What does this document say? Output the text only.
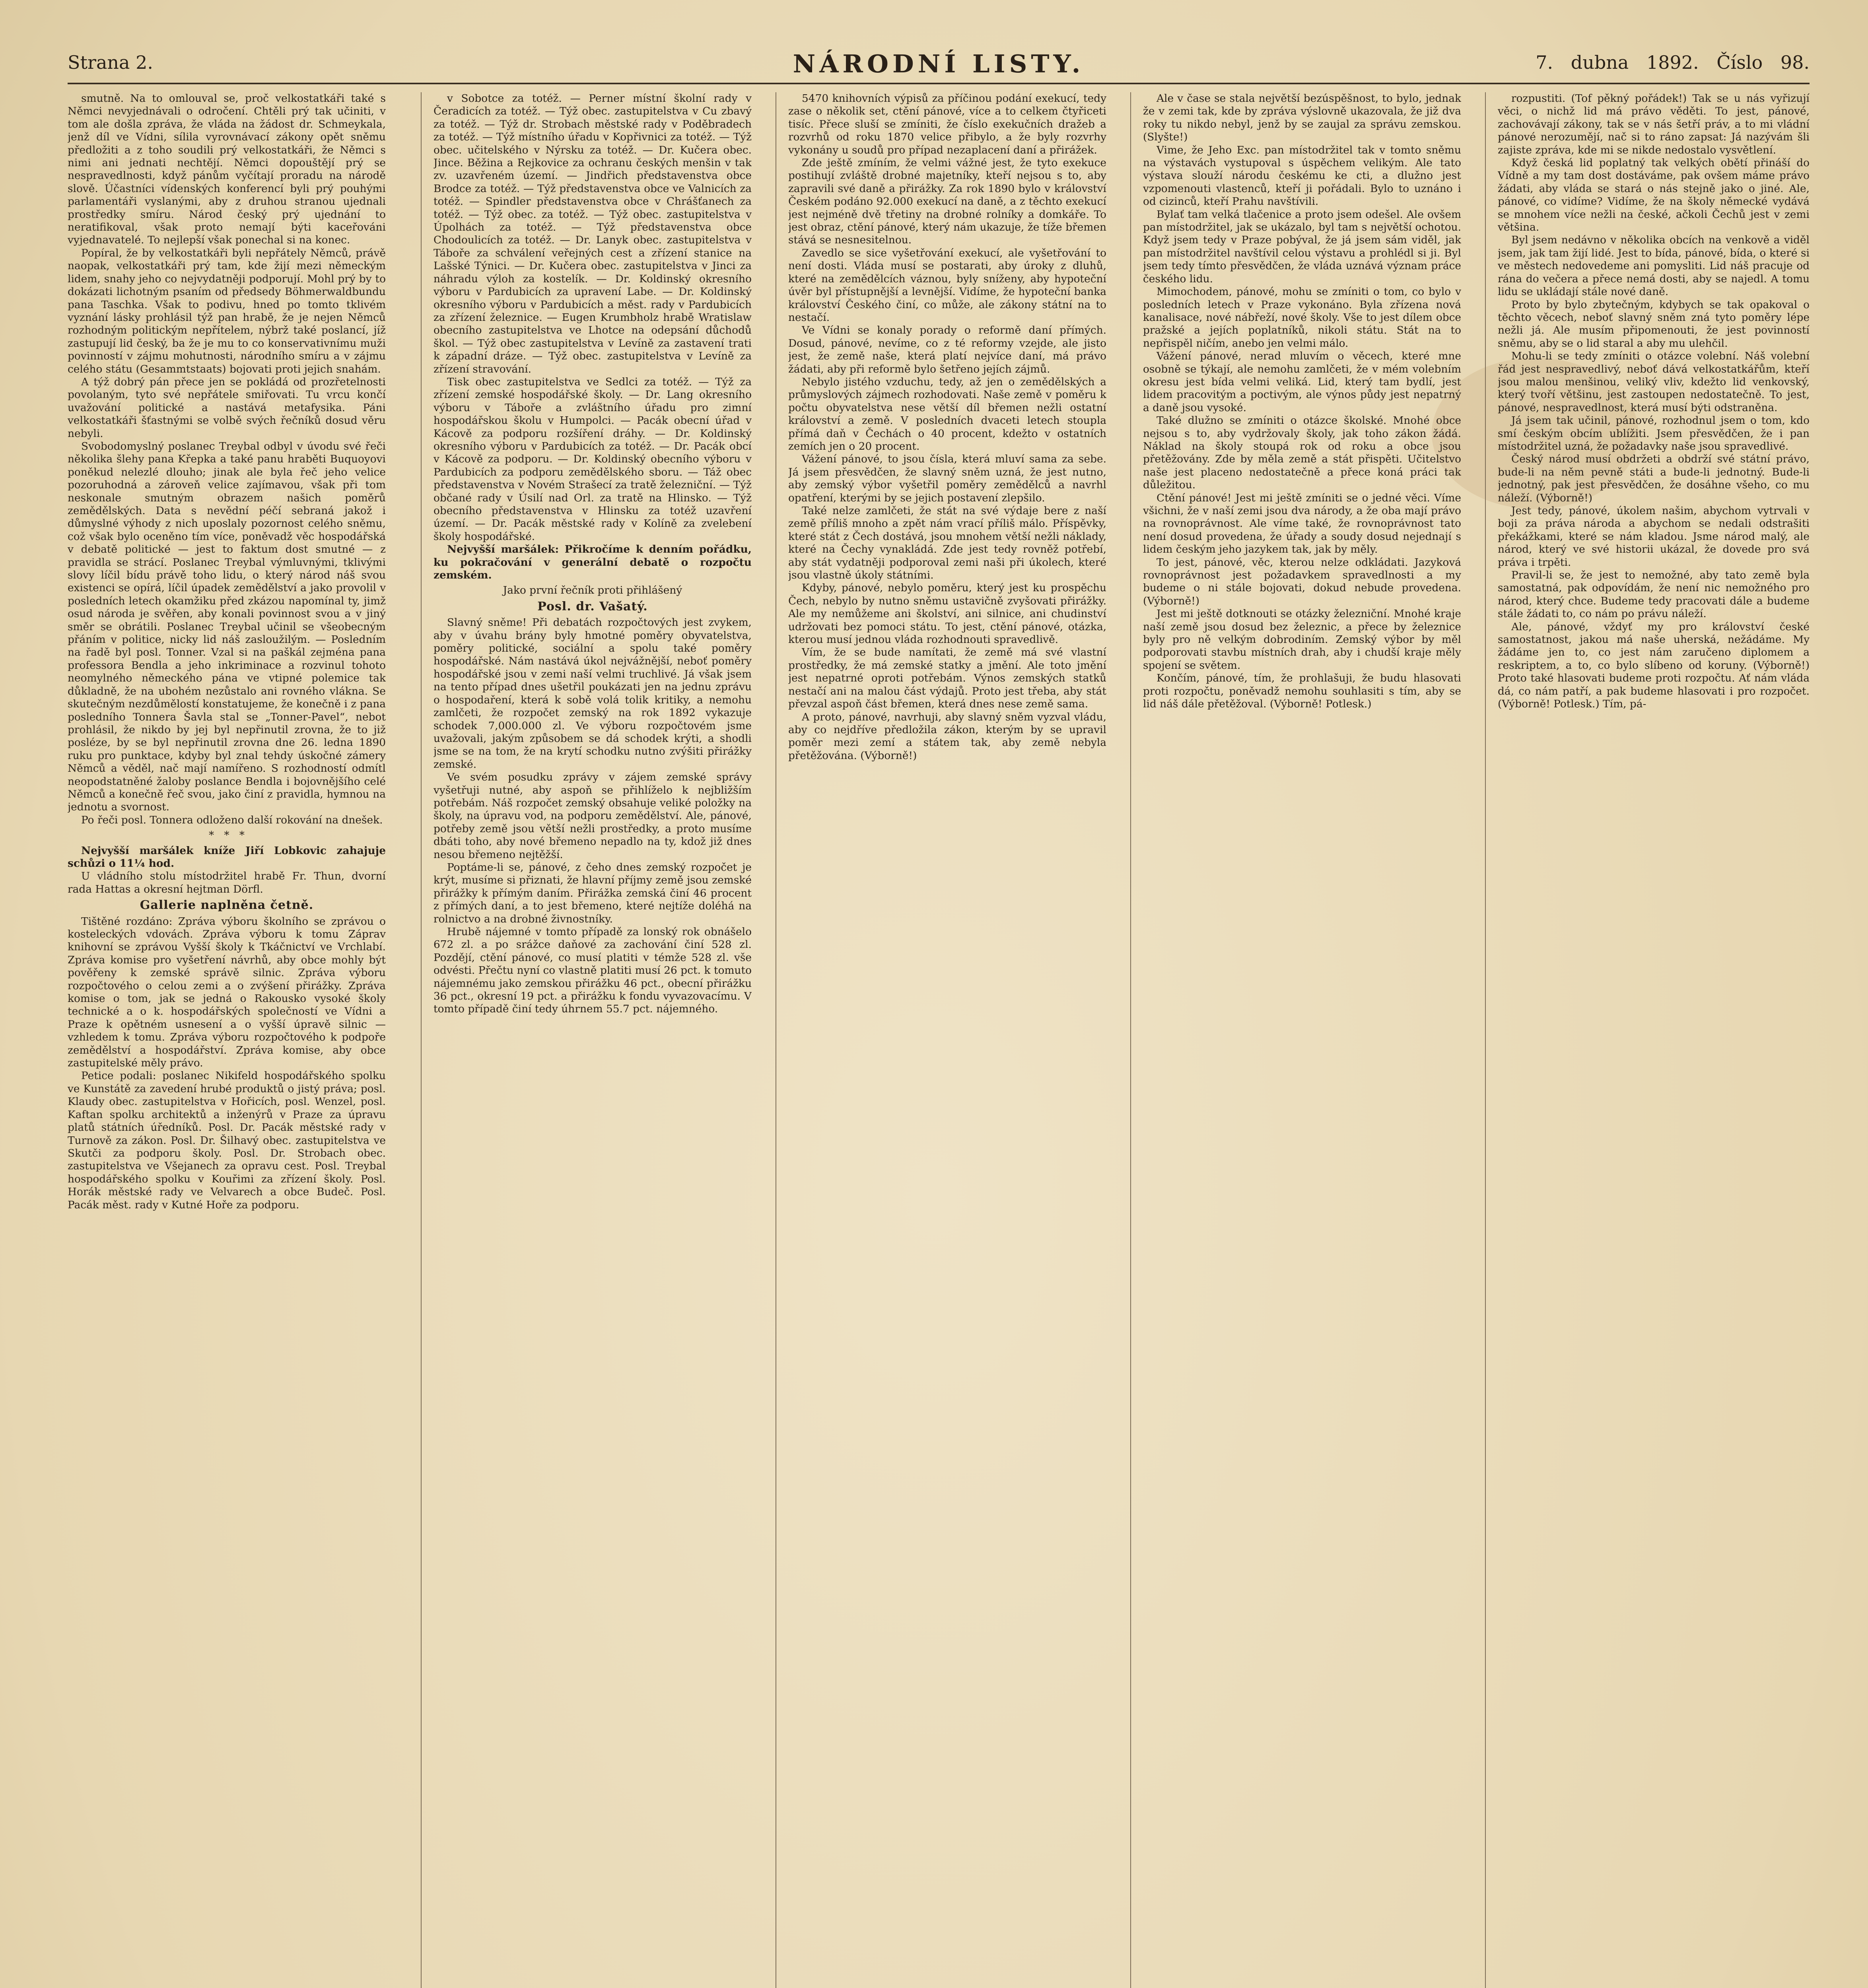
Strana 2.	NÁRODNÍ LISTY.	7. dubna 1892. Číslo 98.

smutně. Na to omlouval se, proč velkostatkáři také s Němci nevyjednávali o odročení. Chtěli prý tak učiniti, v tom ale došla zpráva, že vláda na žádost dr. Schmeykala, jenž díl ve Vídni, sílila vyrovnávací zákony opět sněmu předložiti a z toho soudili prý velkostatkáři, že Němci s nimi ani jednati nechtějí. Němci dopouštějí prý se nespravedlnosti, když pánům vyčítají proradu na národě slově. Účastníci vídenských konferencí byli prý pouhými parlamentáři vyslanými, aby z druhou stranou ujednali prostředky smíru. Národ český prý ujednání to neratifikoval, však proto nemají býti kaceřováni vyjednavatelé. To nejlepší však ponechal si na konec.

Popíral, že by velkostatkáři byli nepřátely Němců, právě naopak, velkostatkáři prý tam, kde žijí mezi německým lidem, snahy jeho co nejvydatněji podporují. Mohl prý by to dokázati lichotným psaním od předsedy Böhmerwaldbundu pana Taschka. Však to podivu, hned po tomto tklivém vyznání lásky prohlásil týž pan hrabě, že je nejen Němců rozhodným politickým nepřítelem, nýbrž také poslancí, jíž zastupují lid český, ba že je mu to co konservativnímu muži povinností v zájmu mohutnosti, národního smíru a v zájmu celého státu (Gesammtstaats) bojovati proti jejich snahám.

A týž dobrý pán přece jen se pokládá od prozřetelnosti povolaným, tyto své nepřátele smiřovati. Tu vrcu končí uvažování politické a nastává metafysika. Páni velkostatkáři šťastnými se volbě svých řečníků dosud věru nebyli.

Svobodomyslný poslanec Treybal odbyl v úvodu své řeči několika šlehy pana Křepka a také panu hraběti Buquoyovi poněkud nelezlé dlouho; jinak ale byla řeč jeho velice pozoruhodná a zároveň velice zajímavou, však při tom neskonale smutným obrazem našich poměrů zemědělských. Data s nevědní péčí sebraná jakož i důmyslné výhody z nich uposlaly pozornost celého sněmu, což však bylo oceněno tím více, poněvadž věc hospodářská v debatě politické — jest to faktum dost smutné — z pravidla se strácí. Poslanec Treybal výmluvnými, tklivými slovy líčil bídu právě toho lidu, o který národ náš svou existenci se opírá, líčil úpadek zemědělství a jako provolil v posledních letech okamžiku před zkázou napomínal ty, jimž osud národa je svěřen, aby konali povinnost svou a v jiný směr se obrátili. Poslanec Treybal učinil se všeobecným přáním v politice, nicky lid náš zasloužilým. — Posledním na řadě byl posl. Tonner. Vzal si na paškál zejména pana professora Bendla a jeho inkriminace a rozvinul tohoto neomylného německého pána ve vtipné polemice tak důkladně, že na ubohém nezůstalo ani rovného vlákna. Se skutečným nezdůmělostí konstatujeme, že konečně i z pana posledního Tonnera Šavla stal se „Tonner-Pavel“, nebot prohlásil, že nikdo by jej byl nepřinutil zrovna, že to již posléze, by se byl nepřinutil zrovna dne 26. ledna 1890 ruku pro punktace, kdyby byl znal tehdy úskočné zámery Němců a věděl, nač mají namířeno. S rozhodností odmítl neopodstatněné žaloby poslance Bendla i bojovnějšího celé Němců a konečně řeč svou, jako činí z pravidla, hymnou na jednotu a svornost.

Po řeči posl. Tonnera odloženo další rokování na dnešek.

*   *   *

Nejvyšší maršálek kníže Jiří Lobkovic zahajuje schůzi o 11¼ hod.

U vládního stolu místodržitel hrabě Fr. Thun, dvorní rada Hattas a okresní hejtman Dörfl.

Gallerie naplněna četně.

Tištěné rozdáno: Zpráva výboru školního se zprávou o kosteleckých vdovách. Zpráva výboru k tomu Záprav knihovní se zprávou Vyšší školy k Tkáčnictví ve Vrchlabí. Zpráva komise pro vyšetření návrhů, aby obce mohly být pověřeny k zemské správě silnic. Zpráva výboru rozpočtového o celou zemi a o zvýšení přirážky. Zpráva komise o tom, jak se jedná o Rakousko vysoké školy technické a o k. hospodářských společností ve Vídni a Praze k opětném usnesení a o vyšší úpravě silnic — vzhledem k tomu. Zpráva výboru rozpočtového k podpoře zemědělství a hospodářství. Zpráva komise, aby obce zastupitelské měly právo.

Petice podali: poslanec Nikifeld hospodářského spolku ve Kunstátě za zavedení hrubé produktů o jistý práva; posl. Klaudy obec. zastupitelstva v Hořicích, posl. Wenzel, posl. Kaftan spolku architektů a inženýrů v Praze za úpravu platů státních úředníků. Posl. Dr. Pacák městské rady v Turnově za zákon. Posl. Dr. Šilhavý obec. zastupitelstva ve Skutči za podporu školy. Posl. Dr. Strobach obec. zastupitelstva ve Všejanech za opravu cest. Posl. Treybal hospodářského spolku v Kouřimi za zřízení školy. Posl. Horák městské rady ve Velvarech a obce Budeč. Posl. Pacák měst. rady v Kutné Hoře za podporu.

v Sobotce za totéž. — Perner místní školní rady v Čeradicích za totéž. — Týž obec. zastupitelstva v Cu zbavý za totéž. — Týž dr. Strobach městské rady v Poděbradech za totéž. — Týž místního úřadu v Kopřivnici za totéž. — Týž obec. učitelského v Nýrsku za totéž. — Dr. Kučera obec. Jince. Běžina a Rejkovice za ochranu českých menšin v tak zv. uzavřeném území. — Jindřich představenstva obce Brodce za totéž. — Týž představenstva obce ve Valnicích za totéž. — Spindler představenstva obce v Chrášťanech za totéž. — Týž obec. za totéž. — Týž obec. zastupitelstva v Úpolhách za totéž. — Týž představenstva obce Chodoulicích za totéž. — Dr. Lanyk obec. zastupitelstva v Táboře za schválení veřejných cest a zřízení stanice na Lašské Týnici. — Dr. Kučera obec. zastupitelstva v Jinci za náhradu výloh za kostelík. — Dr. Koldinský okresního výboru v Pardubicích za upravení Labe. — Dr. Koldinský okresního výboru v Pardubicích a měst. rady v Pardubicích za zřízení železnice. — Eugen Krumbholz hrabě Wratislaw obecního zastupitelstva ve Lhotce na odepsání důchodů škol. — Týž obec zastupitelstva v Levíně za zastavení trati k západní dráze. — Týž obec. zastupitelstva v Levíně za zřízení stravování.

Tisk obec zastupitelstva ve Sedlci za totéž. — Týž za zřízení zemské hospodářské školy. — Dr. Lang okresního výboru v Táboře a zvláštního úřadu pro zimní hospodářskou školu v Humpolci. — Pacák obecní úřad v Kácově za podporu rozšíření dráhy. — Dr. Koldinský okresního výboru v Pardubicích za totéž. — Dr. Pacák obcí v Kácově za podporu. — Dr. Koldinský obecního výboru v Pardubicích za podporu zemědělského sboru. — Táž obec představenstva v Novém Strašecí za tratě železniční. — Týž občané rady v Úsilí nad Orl. za tratě na Hlinsko. — Týž obecního představenstva v Hlinsku za totéž uzavření území. — Dr. Pacák městské rady v Kolíně za zvelebení školy hospodářské.

Nejvyšší maršálek: Přikročíme k denním pořádku, ku pokračování v generální debatě o rozpočtu zemském.

Jako první řečník proti přihlášený

Posl. dr. Vašatý.

Slavný sněme! Při debatách rozpočtových jest zvykem, aby v úvahu brány byly hmotné poměry obyvatelstva, poměry politické, sociální a spolu také poměry hospodářské. Nám nastává úkol nejvážnější, neboť poměry hospodářské jsou v zemi naší velmi truchlivé. Já však jsem na tento případ dnes ušetřil poukázati jen na jednu zprávu o hospodaření, která k sobě volá tolik kritiky, a nemohu zamlčeti, že rozpočet zemský na rok 1892 vykazuje schodek 7,000.000 zl. Ve výboru rozpočtovém jsme uvažovali, jakým způsobem se dá schodek krýti, a shodli jsme se na tom, že na krytí schodku nutno zvýšiti přirážky zemské.

Ve svém posudku zprávy v zájem zemské správy vyšetřuji nutné, aby aspoň se přihlíželo k nejbližším potřebám. Náš rozpočet zemský obsahuje veliké položky na školy, na úpravu vod, na podporu zemědělství. Ale, pánové, potřeby země jsou větší nežli prostředky, a proto musíme dbáti toho, aby nové břemeno nepadlo na ty, kdož již dnes nesou břemeno nejtěžší.

Poptáme-li se, pánové, z čeho dnes zemský rozpočet je krýt, musíme si přiznati, že hlavní příjmy země jsou zemské přirážky k přímým daním. Přirážka zemská činí 46 procent z přímých daní, a to jest břemeno, které nejtíže doléhá na rolnictvo a na drobné živnostníky.

Hrubě nájemné v tomto případě za lonský rok obnášelo 672 zl. a po srážce daňové za zachování činí 528 zl. Pozdějí, ctění pánové, co musí platiti v témže 528 zl. vše odvésti. Přečtu nyní co vlastně platiti musí 26 pct. k tomuto nájemnému jako zemskou přirážku 46 pct., obecní přirážku 36 pct., okresní 19 pct. a přirážku k fondu vyvazovacímu. V tomto případě činí tedy úhrnem 55.7 pct. nájemného.

5470 knihovních výpisů za příčinou podání exekucí, tedy zase o několik set, ctění pánové, více a to celkem čtyřiceti tisíc. Přece sluší se zmíniti, že číslo exekučních dražeb a rozvrhů od roku 1870 velice přibylo, a že byly rozvrhy vykonány u soudů pro případ nezaplacení daní a přirážek.

Zde ještě zmíním, že velmi vážné jest, že tyto exekuce postihují zvláště drobné majetníky, kteří nejsou s to, aby zapravili své daně a přirážky. Za rok 1890 bylo v království Českém podáno 92.000 exekucí na daně, a z těchto exekucí jest nejméně dvě třetiny na drobné rolníky a domkáře. To jest obraz, ctění pánové, který nám ukazuje, že tíže břemen stává se nesnesitelnou.

Zavedlo se sice vyšetřování exekucí, ale vyšetřování to není dosti. Vláda musí se postarati, aby úroky z dluhů, které na zemědělcích váznou, byly sníženy, aby hypoteční úvěr byl přístupnější a levnější. Vidíme, že hypoteční banka království Českého činí, co může, ale zákony státní na to nestačí.

Ve Vídni se konaly porady o reformě daní přímých. Dosud, pánové, nevíme, co z té reformy vzejde, ale jisto jest, že země naše, která platí nejvíce daní, má právo žádati, aby při reformě bylo šetřeno jejích zájmů.

Nebylo jistého vzduchu, tedy, až jen o zemědělských a průmyslových zájmech rozhodovati. Naše země v poměru k počtu obyvatelstva nese větší díl břemen nežli ostatní království a země. V posledních dvaceti letech stoupla přímá daň v Čechách o 40 procent, kdežto v ostatních zemích jen o 20 procent.

Vážení pánové, to jsou čísla, která mluví sama za sebe. Já jsem přesvědčen, že slavný sněm uzná, že jest nutno, aby zemský výbor vyšetřil poměry zemědělců a navrhl opatření, kterými by se jejich postavení zlepšilo.

Také nelze zamlčeti, že stát na své výdaje bere z naší země příliš mnoho a zpět nám vrací příliš málo. Příspěvky, které stát z Čech dostává, jsou mnohem větší nežli náklady, které na Čechy vynakládá. Zde jest tedy rovněž potřebí, aby stát vydatněji podporoval zemi naši při úkolech, které jsou vlastně úkoly státními.

Kdyby, pánové, nebylo poměru, který jest ku prospěchu Čech, nebylo by nutno sněmu ustavičně zvyšovati přirážky. Ale my nemůžeme ani školství, ani silnice, ani chudinství udržovati bez pomoci státu. To jest, ctění pánové, otázka, kterou musí jednou vláda rozhodnouti spravedlivě.

Vím, že se bude namítati, že země má své vlastní prostředky, že má zemské statky a jmění. Ale toto jmění jest nepatrné oproti potřebám. Výnos zemských statků nestačí ani na malou část výdajů. Proto jest třeba, aby stát převzal aspoň část břemen, která dnes nese země sama.

A proto, pánové, navrhuji, aby slavný sněm vyzval vládu, aby co nejdříve předložila zákon, kterým by se upravil poměr mezi zemí a státem tak, aby země nebyla přetěžována. (Výborně!)

Ale v čase se stala největší bezúspěšnost, to bylo, jednak že v zemi tak, kde by zpráva výslovně ukazovala, že již dva roky tu nikdo nebyl, jenž by se zaujal za správu zemskou. (Slyšte!)

Vime, že Jeho Exc. pan místodržitel tak v tomto sněmu na výstavách vystupoval s úspěchem velikým. Ale tato výstava slouží národu českému ke cti, a dlužno jest vzpomenouti vlastenců, kteří ji pořádali. Bylo to uznáno i od cizinců, kteří Prahu navštívili.

Bylať tam velká tlačenice a proto jsem odešel. Ale ovšem pan místodržitel, jak se ukázalo, byl tam s největší ochotou. Když jsem tedy v Praze pobýval, že já jsem sám viděl, jak pan místodržitel navštívil celou výstavu a prohlédl si ji. Byl jsem tedy tímto přesvědčen, že vláda uznává význam práce českého lidu.

Mimochodem, pánové, mohu se zmíniti o tom, co bylo v posledních letech v Praze vykonáno. Byla zřízena nová kanalisace, nové nábřeží, nové školy. Vše to jest dílem obce pražské a jejích poplatníků, nikoli státu. Stát na to nepřispěl ničím, anebo jen velmi málo.

Vážení pánové, nerad mluvím o věcech, které mne osobně se týkají, ale nemohu zamlčeti, že v mém volebním okresu jest bída velmi veliká. Lid, který tam bydlí, jest lidem pracovitým a poctivým, ale výnos půdy jest nepatrný a daně jsou vysoké.

Také dlužno se zmíniti o otázce školské. Mnohé obce nejsou s to, aby vydržovaly školy, jak toho zákon žádá. Náklad na školy stoupá rok od roku a obce jsou přetěžovány. Zde by měla země a stát přispěti. Učitelstvo naše jest placeno nedostatečně a přece koná práci tak důležitou.

Ctění pánové! Jest mi ještě zmíniti se o jedné věci. Víme všichni, že v naší zemi jsou dva národy, a že oba mají právo na rovnoprávnost. Ale víme také, že rovnoprávnost tato není dosud provedena, že úřady a soudy dosud nejednají s lidem českým jeho jazykem tak, jak by měly.

To jest, pánové, věc, kterou nelze odkládati. Jazyková rovnoprávnost jest požadavkem spravedlnosti a my budeme o ni stále bojovati, dokud nebude provedena. (Výborně!)

Jest mi ještě dotknouti se otázky železniční. Mnohé kraje naší země jsou dosud bez železnic, a přece by železnice byly pro ně velkým dobrodiním. Zemský výbor by měl podporovati stavbu místních drah, aby i chudší kraje měly spojení se světem.

Končím, pánové, tím, že prohlašuji, že budu hlasovati proti rozpočtu, poněvadž nemohu souhlasiti s tím, aby se lid náš dále přetěžoval. (Výborně! Potlesk.)

rozpustiti. (Tof pěkný pořádek!) Tak se u nás vyřizují věci, o nichž lid má právo věděti. To jest, pánové, zachovávají zákony, tak se v nás šetří práv, a to mi vládní pánové nerozumějí, nač si to ráno zapsat: Já nazývám šli zajiste zpráva, kde mi se nikde nedostalo vysvětlení.

Když česká lid poplatný tak velkých obětí přináší do Vídně a my tam dost dostáváme, pak ovšem máme právo žádati, aby vláda se stará o nás stejně jako o jiné. Ale, pánové, co vidíme? Vidíme, že na školy německé vydává se mnohem více nežli na české, ačkoli Čechů jest v zemi většina.

Byl jsem nedávno v několika obcích na venkově a viděl jsem, jak tam žijí lidé. Jest to bída, pánové, bída, o které si ve městech nedovedeme ani pomysliti. Lid náš pracuje od rána do večera a přece nemá dosti, aby se najedl. A tomu lidu se ukládají stále nové daně.

Proto by bylo zbytečným, kdybych se tak opakoval o těchto věcech, neboť slavný sněm zná tyto poměry lépe nežli já. Ale musím připomenouti, že jest povinností sněmu, aby se o lid staral a aby mu ulehčil.

Mohu-li se tedy zmíniti o otázce volební. Náš volební řád jest nespravedlivý, neboť dává velkostatkářům, kteří jsou malou menšinou, veliký vliv, kdežto lid venkovský, který tvoří většinu, jest zastoupen nedostatečně. To jest, pánové, nespravedlnost, která musí býti odstraněna.

Já jsem tak učinil, pánové, rozhodnul jsem o tom, kdo smí českým obcím ublížiti. Jsem přesvědčen, že i pan místodržitel uzná, že požadavky naše jsou spravedlivé.

Český národ musí obdržeti a obdrží své státní právo, bude-li na něm pevně státi a bude-li jednotný. Bude-li jednotný, pak jest přesvědčen, že dosáhne všeho, co mu náleží. (Výborně!)

Jest tedy, pánové, úkolem našim, abychom vytrvali v boji za práva národa a abychom se nedali odstrašiti překážkami, které se nám kladou. Jsme národ malý, ale národ, který ve své historii ukázal, že dovede pro svá práva i trpěti.

Pravil-li se, že jest to nemožné, aby tato země byla samostatná, pak odpovídám, že není nic nemožného pro národ, který chce. Budeme tedy pracovati dále a budeme stále žádati to, co nám po právu náleží.

Ale, pánové, vždyť my pro království české samostatnost, jakou má naše uherská, nežádáme. My žádáme jen to, co jest nám zaručeno diplomem a reskriptem, a to, co bylo slíbeno od koruny. (Výborně!) Proto také hlasovati budeme proti rozpočtu. Ať nám vláda dá, co nám patří, a pak budeme hlasovati i pro rozpočet. (Výborně! Potlesk.) Tím, pá-
